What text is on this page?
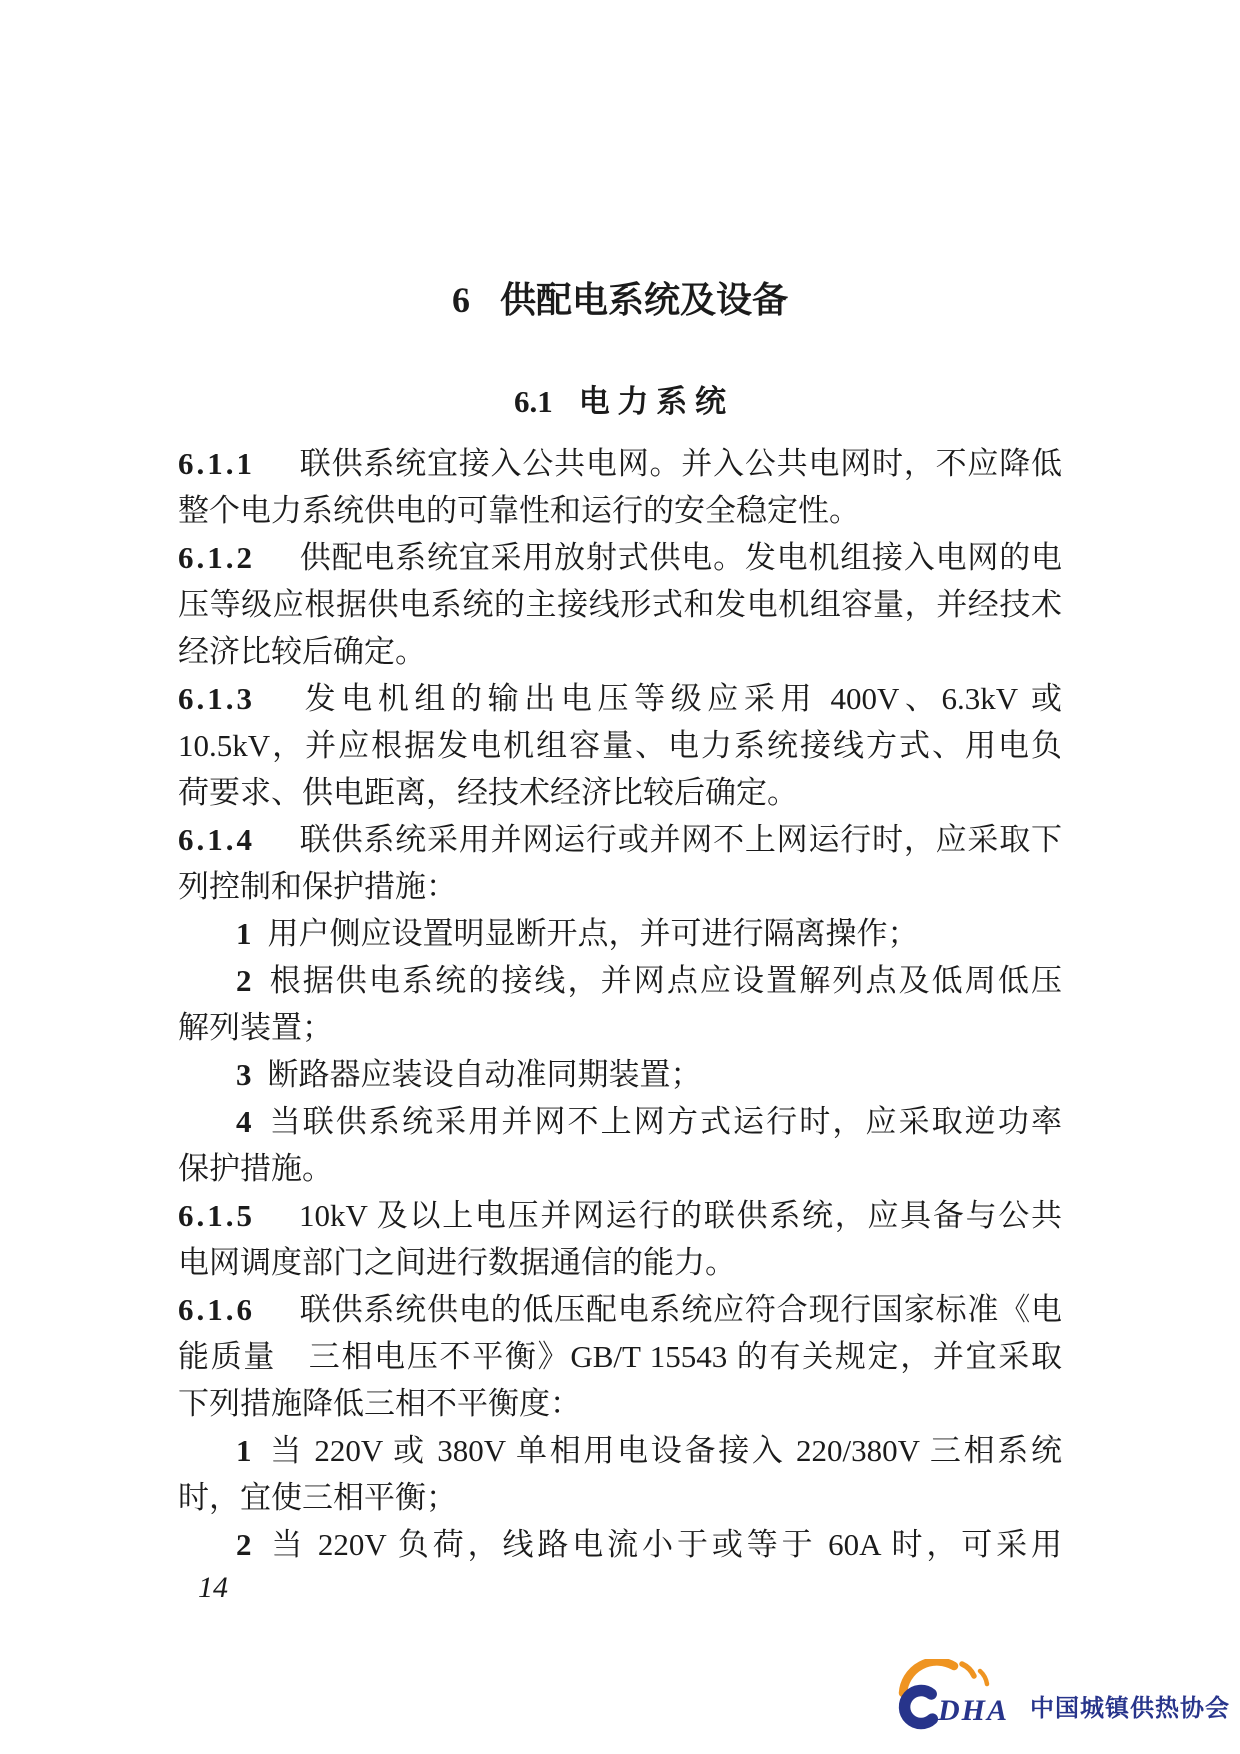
6 供配电系统及设备
6.1 电 力 系 统
6.1.1 联供系统宜接入公共电网。并入公共电网时，不应降低
整个电力系统供电的可靠性和运行的安全稳定性。
6.1.2 供配电系统宜采用放射式供电。发电机组接入电网的电
压等级应根据供电系统的主接线形式和发电机组容量，并经技术
经济比较后确定。
6.1.3 发电机组的输出电压等级应采用 400V、6.3kV 或
10.5kV，并应根据发电机组容量、电力系统接线方式、用电负
荷要求、供电距离，经技术经济比较后确定。
6.1.4 联供系统采用并网运行或并网不上网运行时，应采取下
列控制和保护措施：
1 用户侧应设置明显断开点，并可进行隔离操作；
2 根据供电系统的接线，并网点应设置解列点及低周低压
解列装置；
3 断路器应装设自动准同期装置；
4 当联供系统采用并网不上网方式运行时，应采取逆功率
保护措施。
6.1.5 10kV 及以上电压并网运行的联供系统，应具备与公共
电网调度部门之间进行数据通信的能力。
6.1.6 联供系统供电的低压配电系统应符合现行国家标准《电
能质量　三相电压不平衡》GB/T 15543 的有关规定，并宜采取
下列措施降低三相不平衡度：
1 当 220V 或 380V 单相用电设备接入 220/380V 三相系统
时，宜使三相平衡；
2 当 220V 负荷，线路电流小于或等于 60A 时，可采用
14
DHA 中国城镇供热协会
